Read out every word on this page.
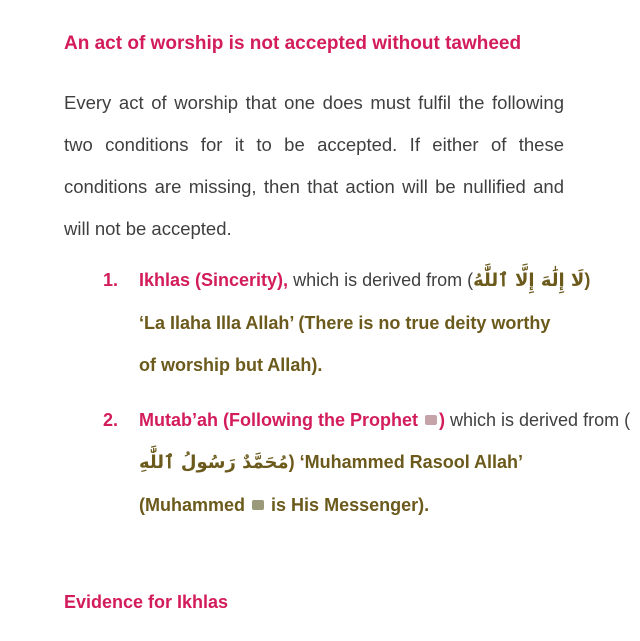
An act of worship is not accepted without tawheed
Every act of worship that one does must fulfil the following two conditions for it to be accepted. If either of these conditions are missing, then that action will be nullified and will not be accepted.
1. Ikhlas (Sincerity), which is derived from (لَا إِلَٰهَ إِلَّا ٱللَّٰهُ)
‘La Ilaha Illa Allah’ (There is no true deity worthy of worship but Allah).
2. Mutab’ah (Following the Prophet ) which is derived from (
مُحَمَّدٌ رَسُولُ ٱللَّٰهِ) ‘Muhammed Rasool Allah’ (Muhammed is His Messenger).
Evidence for Ikhlas
